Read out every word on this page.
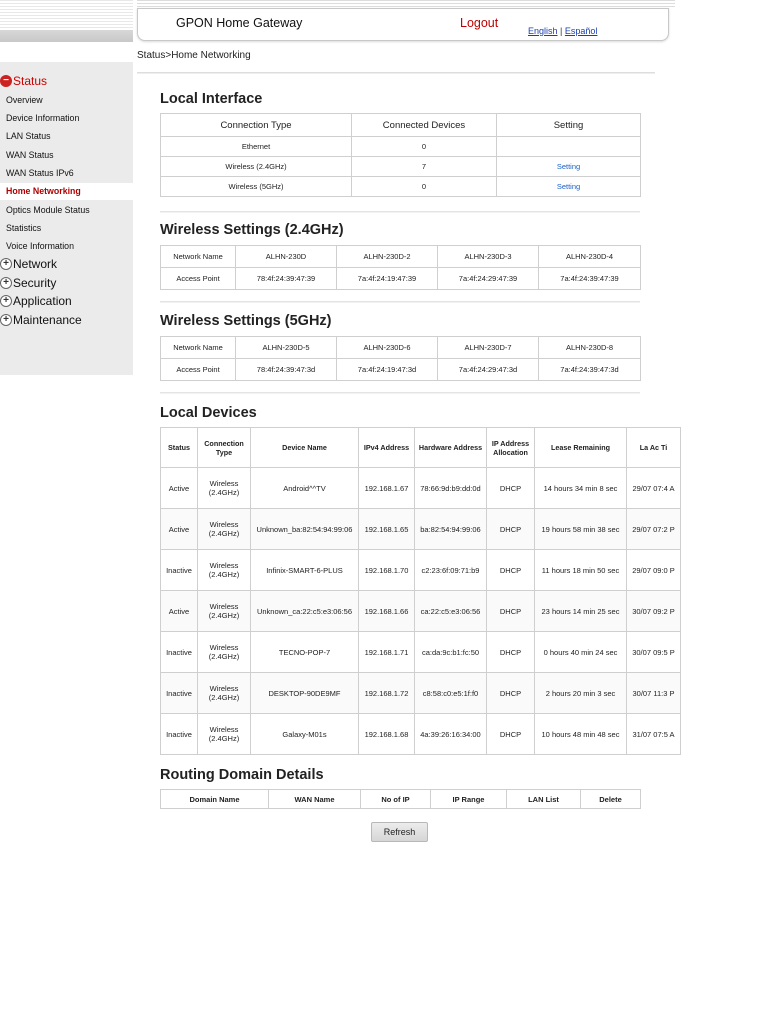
GPON Home Gateway	Logout
English | Español
Status>Home Networking
− Status
Overview
Device Information
LAN Status
WAN Status
WAN Status IPv6
Home Networking
Optics Module Status
Statistics
Voice Information
+ Network
+ Security
+ Application
+ Maintenance
Local Interface
Connection Type	Connected Devices	Setting
Ethernet	0	
Wireless (2.4GHz)	7	Setting
Wireless (5GHz)	0	Setting
Wireless Settings (2.4GHz)
Network Name	ALHN-230D	ALHN-230D-2	ALHN-230D-3	ALHN-230D-4
Access Point	78:4f:24:39:47:39	7a:4f:24:19:47:39	7a:4f:24:29:47:39	7a:4f:24:39:47:39
Wireless Settings (5GHz)
Network Name	ALHN-230D-5	ALHN-230D-6	ALHN-230D-7	ALHN-230D-8
Access Point	78:4f:24:39:47:3d	7a:4f:24:19:47:3d	7a:4f:24:29:47:3d	7a:4f:24:39:47:3d
Local Devices
Status	Connection Type	Device Name	IPv4 Address	Hardware Address	IP Address Allocation	Lease Remaining	La Ac Ti
Active	Wireless (2.4GHz)	Android^^TV	192.168.1.67	78:66:9d:b9:dd:0d	DHCP	14 hours 34 min 8 sec	29/07 07:4 A
Active	Wireless (2.4GHz)	Unknown_ba:82:54:94:99:06	192.168.1.65	ba:82:54:94:99:06	DHCP	19 hours 58 min 38 sec	29/07 07:2 P
Inactive	Wireless (2.4GHz)	Infinix-SMART-6-PLUS	192.168.1.70	c2:23:6f:09:71:b9	DHCP	11 hours 18 min 50 sec	29/07 09:0 P
Active	Wireless (2.4GHz)	Unknown_ca:22:c5:e3:06:56	192.168.1.66	ca:22:c5:e3:06:56	DHCP	23 hours 14 min 25 sec	30/07 09:2 P
Inactive	Wireless (2.4GHz)	TECNO-POP-7	192.168.1.71	ca:da:9c:b1:fc:50	DHCP	0 hours 40 min 24 sec	30/07 09:5 P
Inactive	Wireless (2.4GHz)	DESKTOP-90DE9MF	192.168.1.72	c8:58:c0:e5:1f:f0	DHCP	2 hours 20 min 3 sec	30/07 11:3 P
Inactive	Wireless (2.4GHz)	Galaxy-M01s	192.168.1.68	4a:39:26:16:34:00	DHCP	10 hours 48 min 48 sec	31/07 07:5 A
Routing Domain Details
Domain Name	WAN Name	No of IP	IP Range	LAN List	Delete
Refresh
